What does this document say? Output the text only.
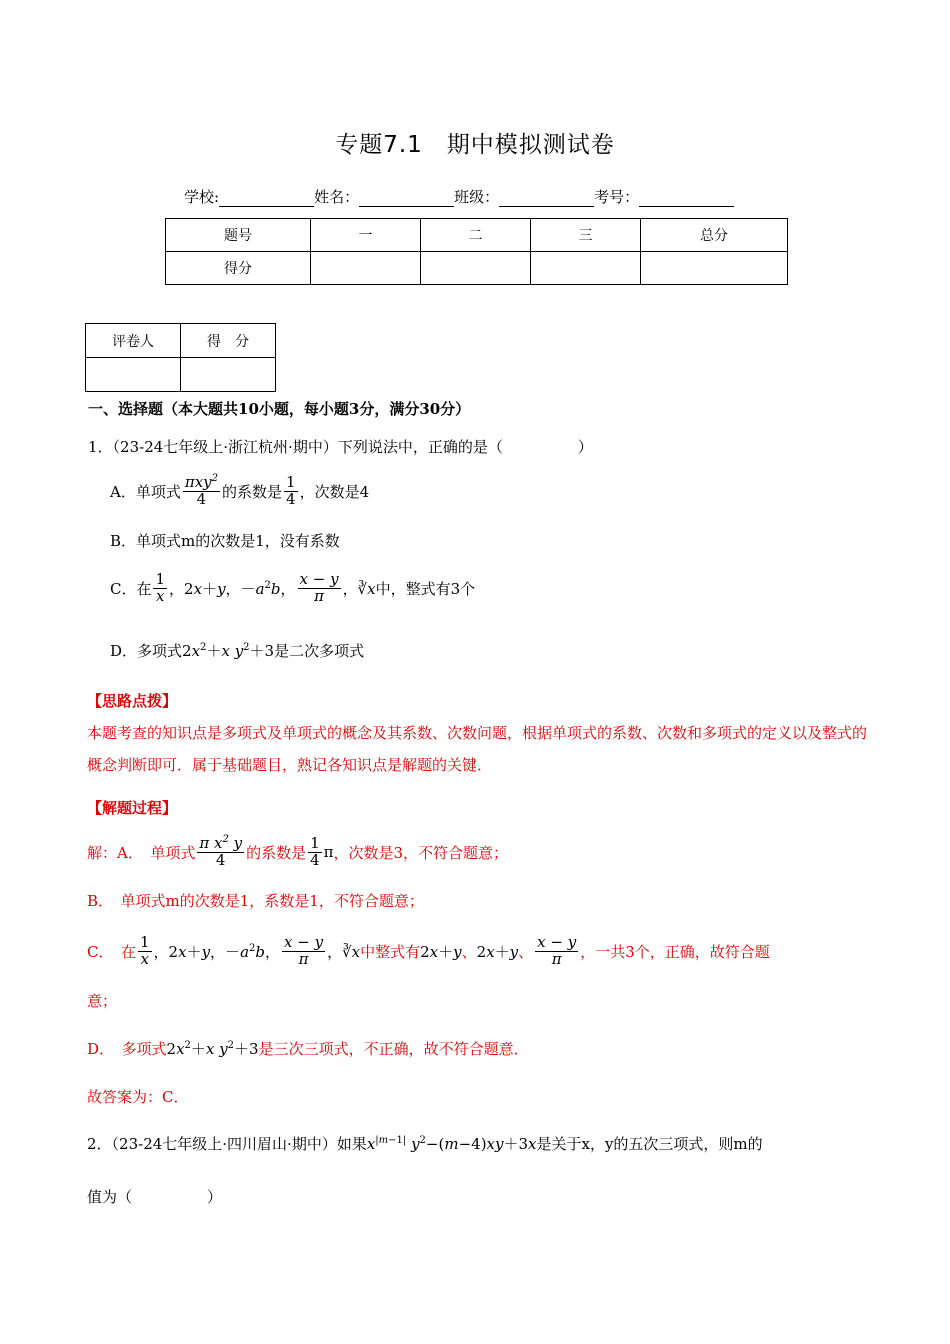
专题7.1　期中模拟测试卷
学校:	姓名：	班级：	考号：
题号	一	二	三	总分
得分				
评卷人	得　分

一、选择题（本大题共10小题，每小题3分，满分30分）
1．（23-24七年级上·浙江杭州·期中）下列说法中，正确的是（　　　　　）
A．单项式 $\frac{\pi xy^2}{4}$ 的系数是 $\frac{1}{4}$ ，次数是4
B．单项式m的次数是1，没有系数
C．在 $\frac{1}{x}$ ，2x＋y，$-a^2b$， $\frac{x - y}{\pi}$ ，∛x 中，整式有3个
D．多项式$2x^2+x$ $y^2+3$是二次多项式
【思路点拨】
本题考查的知识点是多项式及单项式的概念及其系数、次数问题，根据单项式的系数、次数和多项式的定义以及整式的概念判断即可．属于基础题目，熟记各知识点是解题的关键．
【解题过程】
解：A．　单项式 $\frac{\pi x^2 y}{4}$ 的系数是 $\frac{1}{4}$ π ，次数是3，不符合题意；
B．　单项式m的次数是1，系数是1，不符合题意；
C．　在 $\frac{1}{x}$ ，2x＋y，$-a^2b$， $\frac{x - y}{\pi}$ ，∛x 中整式有 2x＋y 、 2x＋y 、 $\frac{x - y}{\pi}$ ，一共3个，正确，故符合题
意；
D．　多项式$2x^2+x$ $y^2+3$是三次三项式，不正确，故不符合题意．
故答案为：C．
2．（23-24七年级上·四川眉山·期中）如果$x^{|m-1|}$ $y^2-(m-4)xy+3x$是关于x，y的五次三项式，则m的
值为（　　　　　）
